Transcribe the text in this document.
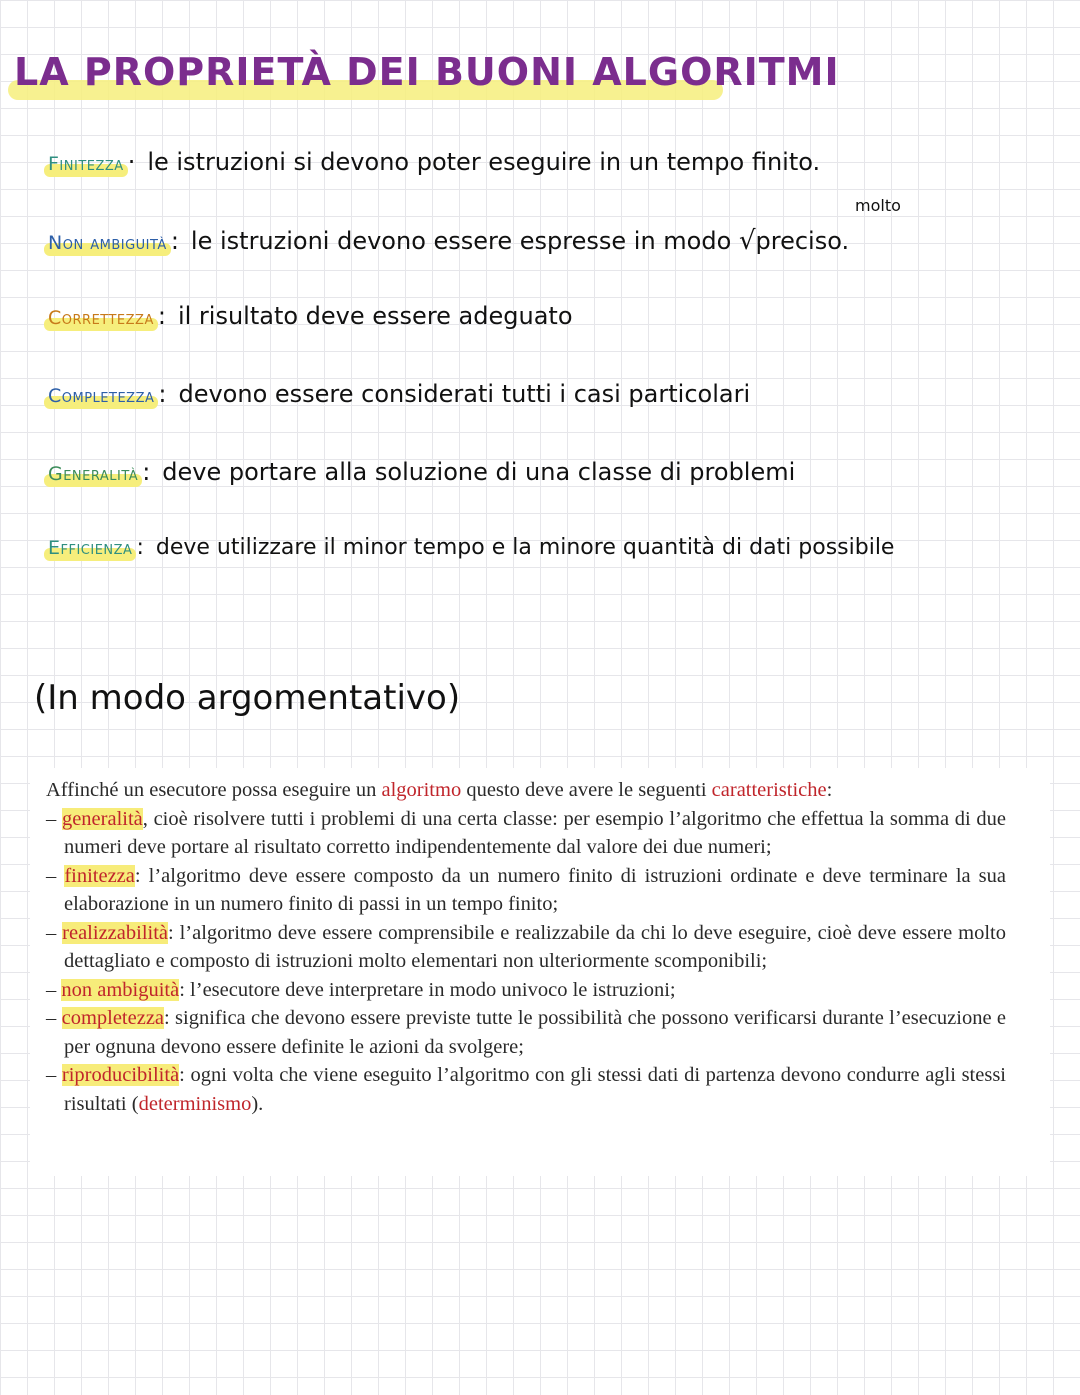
LA PROPRIETÀ DEI BUONI ALGORITMI
Finitezza · le istruzioni si devono poter eseguire in un tempo finito.
molto
Non ambiguità : le istruzioni devono essere espresse in modo √preciso.
Correttezza : il risultato deve essere adeguato
Completezza : devono essere considerati tutti i casi particolari
Generalità : deve portare alla soluzione di una classe di problemi
Efficienza : deve utilizzare il minor tempo e la minore quantità di dati possibile
(In modo argomentativo)

Affinché un esecutore possa eseguire un algoritmo questo deve avere le seguenti caratteristiche:

– generalità, cioè risolvere tutti i problemi di una certa classe: per esempio l’algoritmo che effettua la somma di due numeri deve portare al risultato corretto indipendentemente dal valore dei due numeri;

– finitezza: l’algoritmo deve essere composto da un numero finito di istruzioni ordinate e deve terminare la sua elaborazione in un numero finito di passi in un tempo finito;

– realizzabilità: l’algoritmo deve essere comprensibile e realizzabile da chi lo deve eseguire, cioè deve essere molto dettagliato e composto di istruzioni molto elementari non ulteriormente scomponibili;

– non ambiguità: l’esecutore deve interpretare in modo univoco le istruzioni;

– completezza: significa che devono essere previste tutte le possibilità che possono verificarsi durante l’esecuzione e per ognuna devono essere definite le azioni da svolgere;

– riproducibilità: ogni volta che viene eseguito l’algoritmo con gli stessi dati di partenza devono condurre agli stessi risultati (determinismo).
